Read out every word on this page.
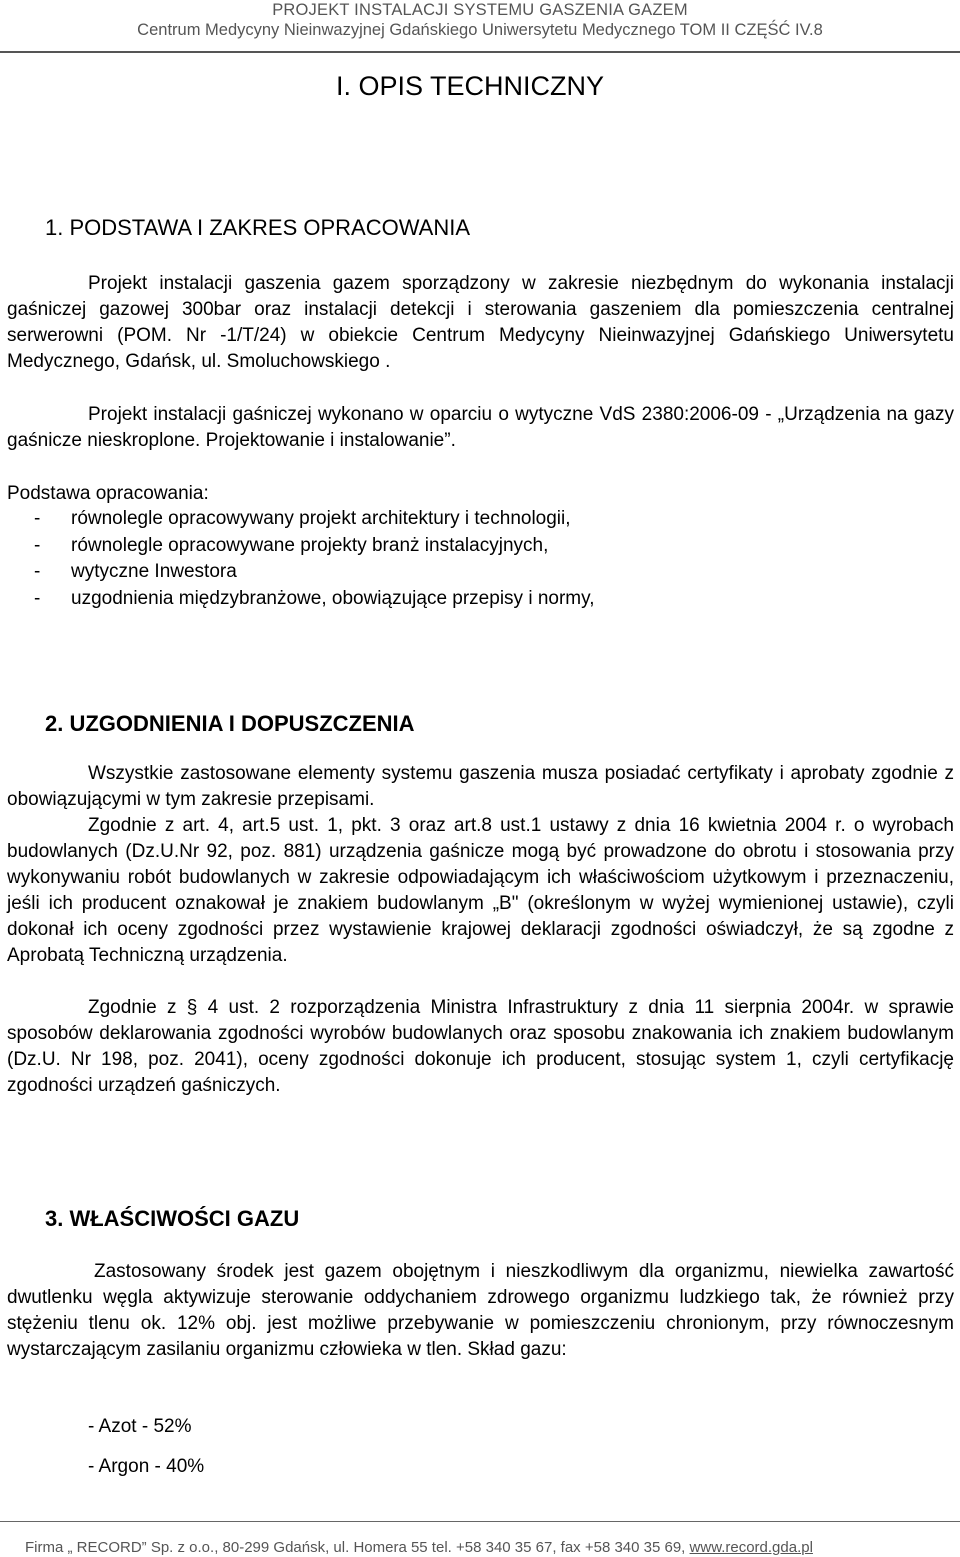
PROJEKT INSTALACJI SYSTEMU GASZENIA GAZEM
Centrum Medycyny Nieinwazyjnej Gdańskiego Uniwersytetu Medycznego TOM II CZĘŚĆ IV.8
I. OPIS TECHNICZNY
1. PODSTAWA I ZAKRES OPRACOWANIA
Projekt instalacji gaszenia gazem sporządzony w zakresie niezbędnym do wykonania instalacji gaśniczej gazowej 300bar oraz instalacji detekcji i sterowania gaszeniem dla pomieszczenia centralnej serwerowni (POM. Nr -1/T/24) w obiekcie Centrum Medycyny Nieinwazyjnej Gdańskiego Uniwersytetu Medycznego, Gdańsk, ul. Smoluchowskiego .
Projekt instalacji gaśniczej wykonano w oparciu o wytyczne VdS 2380:2006-09 - „Urządzenia na gazy gaśnicze nieskroplone. Projektowanie i instalowanie”.
Podstawa opracowania:
- równolegle opracowywany projekt architektury i technologii,
- równolegle opracowywane projekty branż instalacyjnych,
- wytyczne Inwestora
- uzgodnienia międzybranżowe, obowiązujące przepisy i normy,
2. UZGODNIENIA I DOPUSZCZENIA
Wszystkie zastosowane elementy systemu gaszenia musza posiadać certyfikaty i aprobaty zgodnie z obowiązującymi w tym zakresie przepisami.
Zgodnie z art. 4, art.5 ust. 1, pkt. 3 oraz art.8 ust.1 ustawy z dnia 16 kwietnia 2004 r. o wyrobach budowlanych (Dz.U.Nr 92, poz. 881) urządzenia gaśnicze mogą być prowadzone do obrotu i stosowania przy wykonywaniu robót budowlanych w zakresie odpowiadającym ich właściwościom użytkowym i przeznaczeniu, jeśli ich producent oznakował je znakiem budowlanym „B" (określonym w wyżej wymienionej ustawie), czyli dokonał ich oceny zgodności przez wystawienie krajowej deklaracji zgodności oświadczył, że są zgodne z Aprobatą Techniczną urządzenia.
Zgodnie z § 4 ust. 2 rozporządzenia Ministra Infrastruktury z dnia 11 sierpnia 2004r. w sprawie sposobów deklarowania zgodności wyrobów budowlanych oraz sposobu znakowania ich znakiem budowlanym (Dz.U. Nr 198, poz. 2041), oceny zgodności dokonuje ich producent, stosując system 1, czyli certyfikację zgodności urządzeń gaśniczych.
3. WŁAŚCIWOŚCI GAZU
Zastosowany środek jest gazem obojętnym i nieszkodliwym dla organizmu, niewielka zawartość dwutlenku węgla aktywizuje sterowanie oddychaniem zdrowego organizmu ludzkiego tak, że również przy stężeniu tlenu ok. 12% obj. jest możliwe przebywanie w pomieszczeniu chronionym, przy równoczesnym wystarczającym zasilaniu organizmu człowieka w tlen. Skład gazu:
- Azot - 52%
- Argon - 40%
Firma „ RECORD” Sp. z o.o., 80-299 Gdańsk, ul. Homera 55 tel. +58 340 35 67, fax +58 340 35 69, www.record.gda.pl
